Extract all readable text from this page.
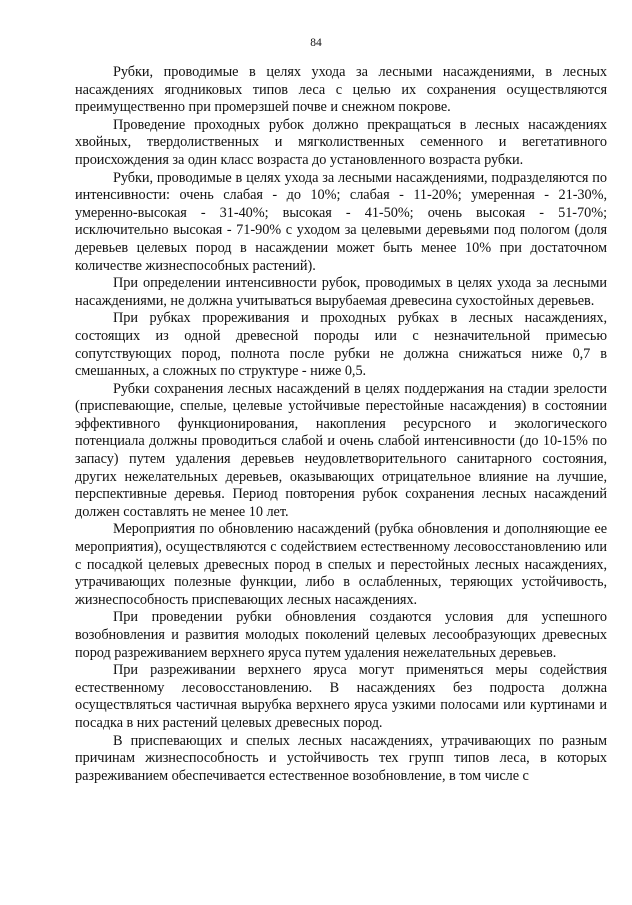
84

Рубки, проводимые в целях ухода за лесными насаждениями, в лесных насаждениях ягодниковых типов леса с целью их сохранения осуществляются преимущественно при промерзшей почве и снежном покрове.

Проведение проходных рубок должно прекращаться в лесных насаждениях хвойных, твердолиственных и мягколиственных семенного и вегетативного происхождения за один класс возраста до установленного возраста рубки.

Рубки, проводимые в целях ухода за лесными насаждениями, подразделяются по интенсивности: очень слабая - до 10%; слабая - 11-20%; умеренная - 21-30%, умеренно-высокая - 31-40%; высокая - 41-50%; очень высокая - 51-70%; исключительно высокая - 71-90% с уходом за целевыми деревьями под пологом (доля деревьев целевых пород в насаждении может быть менее 10% при достаточном количестве жизнеспособных растений).

При определении интенсивности рубок, проводимых в целях ухода за лесными насаждениями, не должна учитываться вырубаемая древесина сухостойных деревьев.

При рубках прореживания и проходных рубках в лесных насаждениях, состоящих из одной древесной породы или с незначительной примесью сопутствующих пород, полнота после рубки не должна снижаться ниже 0,7 в смешанных, а сложных по структуре - ниже 0,5.

Рубки сохранения лесных насаждений в целях поддержания на стадии зрелости (приспевающие, спелые, целевые устойчивые перестойные насаждения) в состоянии эффективного функционирования, накопления ресурсного и экологического потенциала должны проводиться слабой и очень слабой интенсивности (до 10-15% по запасу) путем удаления деревьев неудовлетворительного санитарного состояния, других нежелательных деревьев, оказывающих отрицательное влияние на лучшие, перспективные деревья. Период повторения рубок сохранения лесных насаждений должен составлять не менее 10 лет.

Мероприятия по обновлению насаждений (рубка обновления и дополняющие ее мероприятия), осуществляются с содействием естественному лесовосстановлению или с посадкой целевых древесных пород в спелых и перестойных лесных насаждениях, утрачивающих полезные функции, либо в ослабленных, теряющих устойчивость, жизнеспособность приспевающих лесных насаждениях.

При проведении рубки обновления создаются условия для успешного возобновления и развития молодых поколений целевых лесообразующих древесных пород разреживанием верхнего яруса путем удаления нежелательных деревьев.

При разреживании верхнего яруса могут применяться меры содействия естественному лесовосстановлению. В насаждениях без подроста должна осуществляться частичная вырубка верхнего яруса узкими полосами или куртинами и посадка в них растений целевых древесных пород.

В приспевающих и спелых лесных насаждениях, утрачивающих по разным причинам жизнеспособность и устойчивость тех групп типов леса, в которых разреживанием обеспечивается естественное возобновление, в том числе с
